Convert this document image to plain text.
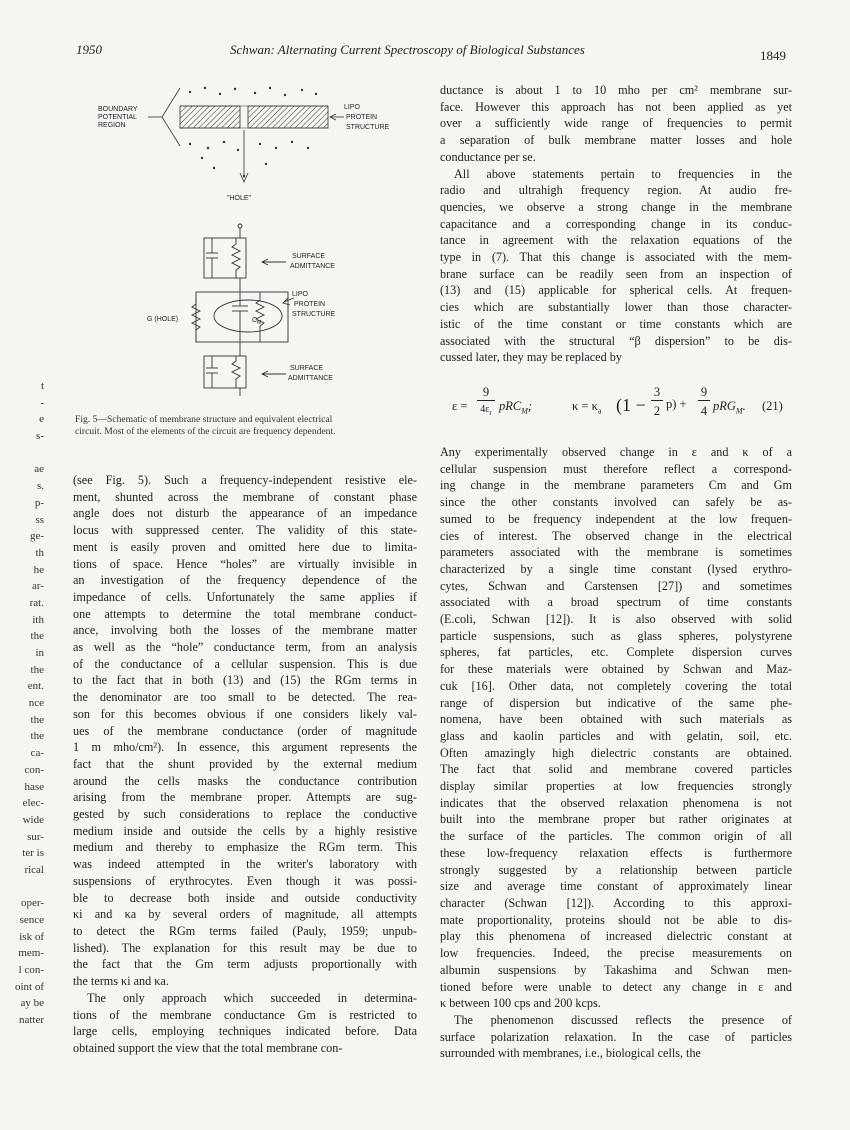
1950	Schwan: Alternating Current Spectroscopy of Biological Substances	1849
t
-
e
s-
ae
s.
p-
ss
ge-
th
he
ar-
rat.
ith
the
in
the
ent.
nce
the
the
ca-
con-
hase
elec-
wide
sur-
ter is
rical
oper-
sence
isk of
mem-
l con-
oint of
ay be
natter
BOUNDARY
POTENTIAL
REGION
LIPO
PROTEIN
STRUCTURE
"HOLE"
SURFACE
ADMITTANCE
G (HOLE)	$C_M$
LIPO
PROTEIN
STRUCTURE
SURFACE
ADMITTANCE
Fig. 5—Schematic of membrane structure and equivalent electrical
circuit. Most of the elements of the circuit are frequency dependent.
(see Fig. 5). Such a frequency-independent resistive ele-
ment, shunted across the membrane of constant phase
angle does not disturb the appearance of an impedance
locus with suppressed center. The validity of this state-
ment is easily proven and omitted here due to limita-
tions of space. Hence “holes” are virtually invisible in
an investigation of the frequency dependence of the
impedance of cells. Unfortunately the same applies if
one attempts to determine the total membrane conduct-
ance, involving both the losses of the membrane matter
as well as the “hole” conductance term, from an analysis
of the conductance of a cellular suspension. This is due
to the fact that in both (13) and (15) the RGm terms in
the denominator are too small to be detected. The rea-
son for this becomes obvious if one considers likely val-
ues of the membrane conductance (order of magnitude
1 m mho/cm²). In essence, this argument represents the
fact that the shunt provided by the external medium
around the cells masks the conductance contribution
arising from the membrane proper. Attempts are sug-
gested by such considerations to replace the conductive
medium inside and outside the cells by a highly resistive
medium and thereby to emphasize the RGm term. This
was indeed attempted in the writer's laboratory with
suspensions of erythrocytes. Even though it was possi-
ble to decrease both inside and outside conductivity
κi and κa by several orders of magnitude, all attempts
to detect the RGm terms failed (Pauly, 1959; unpub-
lished). The explanation for this result may be due to
the fact that the Gm term adjusts proportionally with
the terms κi and κa.
The only approach which succeeded in determina-
tions of the membrane conductance Gm is restricted to
large cells, employing techniques indicated before. Data
obtained support the view that the total membrane con-
ductance is about 1 to 10 mho per cm² membrane sur-
face. However this approach has not been applied as yet
over a sufficiently wide range of frequencies to permit
a separation of bulk membrane matter losses and hole
conductance per se.
All above statements pertain to frequencies in the
radio and ultrahigh frequency region. At audio fre-
quencies, we observe a strong change in the membrane
capacitance and a corresponding change in its conduc-
tance in agreement with the relaxation equations of the
type in (7). That this change is associated with the mem-
brane surface can be readily seen from an inspection of
(13) and (15) applicable for spherical cells. At frequen-
cies which are substantially lower than those character-
istic of the time constant or time constants which are
associated with the structural “β dispersion” to be dis-
cussed later, they may be replaced by
ε =
9
$4\varepsilon_r$ pRC$_M$;	$\kappa = \kappa_a$ (1 −
3
2 p) +
9
4 pRG$_M$. (21)
Any experimentally observed change in ε and κ of a
cellular suspension must therefore reflect a correspond-
ing change in the membrane parameters Cm and Gm
since the other constants involved can safely be as-
sumed to be frequency independent at the low frequen-
cies of interest. The observed change in the electrical
parameters associated with the membrane is sometimes
characterized by a single time constant (lysed erythro-
cytes, Schwan and Carstensen [27]) and sometimes
associated with a broad spectrum of time constants
(E.coli, Schwan [12]). It is also observed with solid
particle suspensions, such as glass spheres, polystyrene
spheres, fat particles, etc. Complete dispersion curves
for these materials were obtained by Schwan and Maz-
cuk [16]. Other data, not completely covering the total
range of dispersion but indicative of the same phe-
nomena, have been obtained with such materials as
glass and kaolin particles and with gelatin, soil, etc.
Often amazingly high dielectric constants are obtained.
The fact that solid and membrane covered particles
display similar properties at low frequencies strongly
indicates that the observed relaxation phenomena is not
built into the membrane proper but rather originates at
the surface of the particles. The common origin of all
these low-frequency relaxation effects is furthermore
strongly suggested by a relationship between particle
size and average time constant of approximately linear
character (Schwan [12]). According to this approxi-
mate proportionality, proteins should not be able to dis-
play this phenomena of increased dielectric constant at
low frequencies. Indeed, the precise measurements on
albumin suspensions by Takashima and Schwan men-
tioned before were unable to detect any change in ε and
κ between 100 cps and 200 kcps.
The phenomenon discussed reflects the presence of
surface polarization relaxation. In the case of particles
surrounded with membranes, i.e., biological cells, the
